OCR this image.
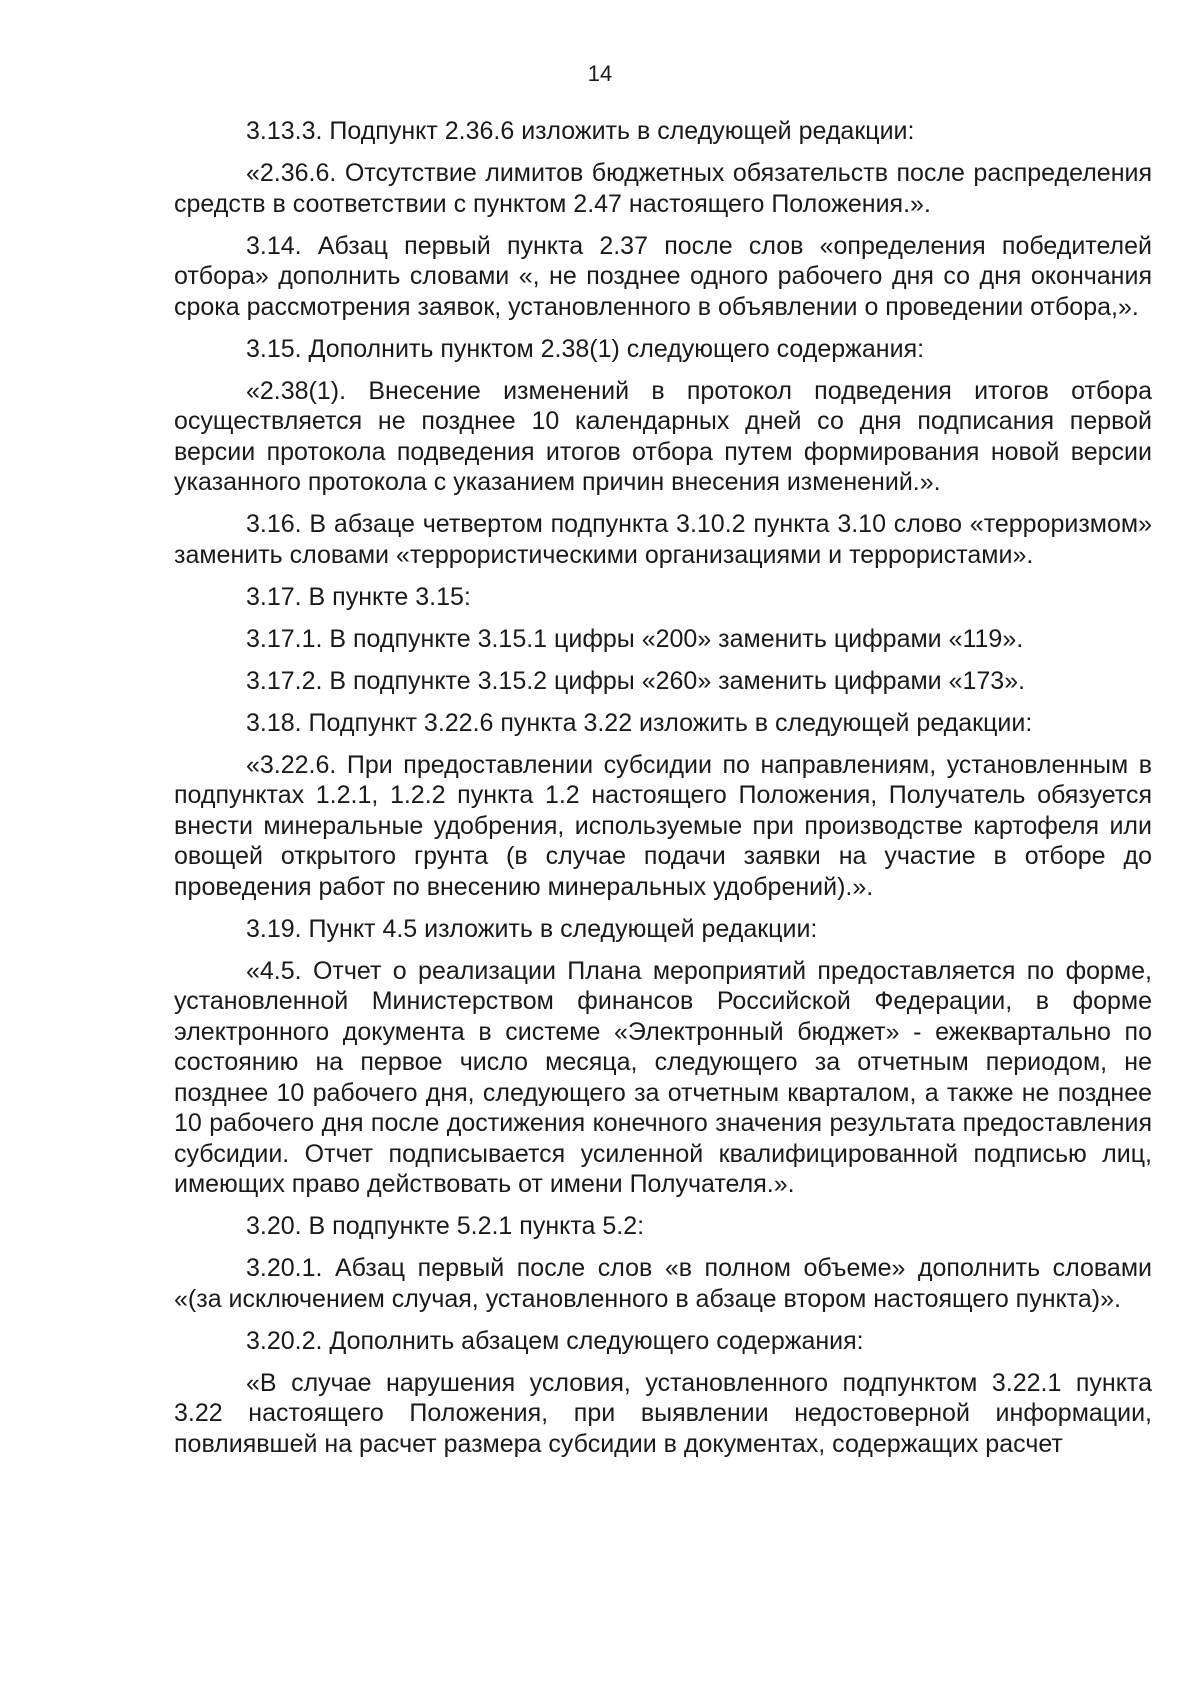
14

3.13.3. Подпункт 2.36.6 изложить в следующей редакции:

«2.36.6. Отсутствие лимитов бюджетных обязательств после распределения средств в соответствии с пунктом 2.47 настоящего Положения.».

3.14. Абзац первый пункта 2.37 после слов «определения победителей отбора» дополнить словами «, не позднее одного рабочего дня со дня окончания срока рассмотрения заявок, установленного в объявлении о проведении отбора,».

3.15. Дополнить пунктом 2.38(1) следующего содержания:

«2.38(1). Внесение изменений в протокол подведения итогов отбора осуществляется не позднее 10 календарных дней со дня подписания первой версии протокола подведения итогов отбора путем формирования новой версии указанного протокола с указанием причин внесения изменений.».

3.16. В абзаце четвертом подпункта 3.10.2 пункта 3.10 слово «терроризмом» заменить словами «террористическими организациями и террористами».

3.17. В пункте 3.15:

3.17.1. В подпункте 3.15.1 цифры «200» заменить цифрами «119».

3.17.2. В подпункте 3.15.2 цифры «260» заменить цифрами «173».

3.18. Подпункт 3.22.6 пункта 3.22 изложить в следующей редакции:

«3.22.6. При предоставлении субсидии по направлениям, установленным в подпунктах 1.2.1, 1.2.2 пункта 1.2 настоящего Положения, Получатель обязуется внести минеральные удобрения, используемые при производстве картофеля или овощей открытого грунта (в случае подачи заявки на участие в отборе до проведения работ по внесению минеральных удобрений).».

3.19. Пункт 4.5 изложить в следующей редакции:

«4.5. Отчет о реализации Плана мероприятий предоставляется по форме, установленной Министерством финансов Российской Федерации, в форме электронного документа в системе «Электронный бюджет» - ежеквартально по состоянию на первое число месяца, следующего за отчетным периодом, не позднее 10 рабочего дня, следующего за отчетным кварталом, а также не позднее 10 рабочего дня после достижения конечного значения результата предоставления субсидии. Отчет подписывается усиленной квалифицированной подписью лиц, имеющих право действовать от имени Получателя.».

3.20. В подпункте 5.2.1 пункта 5.2:

3.20.1. Абзац первый после слов «в полном объеме» дополнить словами «(за исключением случая, установленного в абзаце втором настоящего пункта)».

3.20.2. Дополнить абзацем следующего содержания:

«В случае нарушения условия, установленного подпунктом 3.22.1 пункта 3.22 настоящего Положения, при выявлении недостоверной информации, повлиявшей на расчет размера субсидии в документах, содержащих расчет
